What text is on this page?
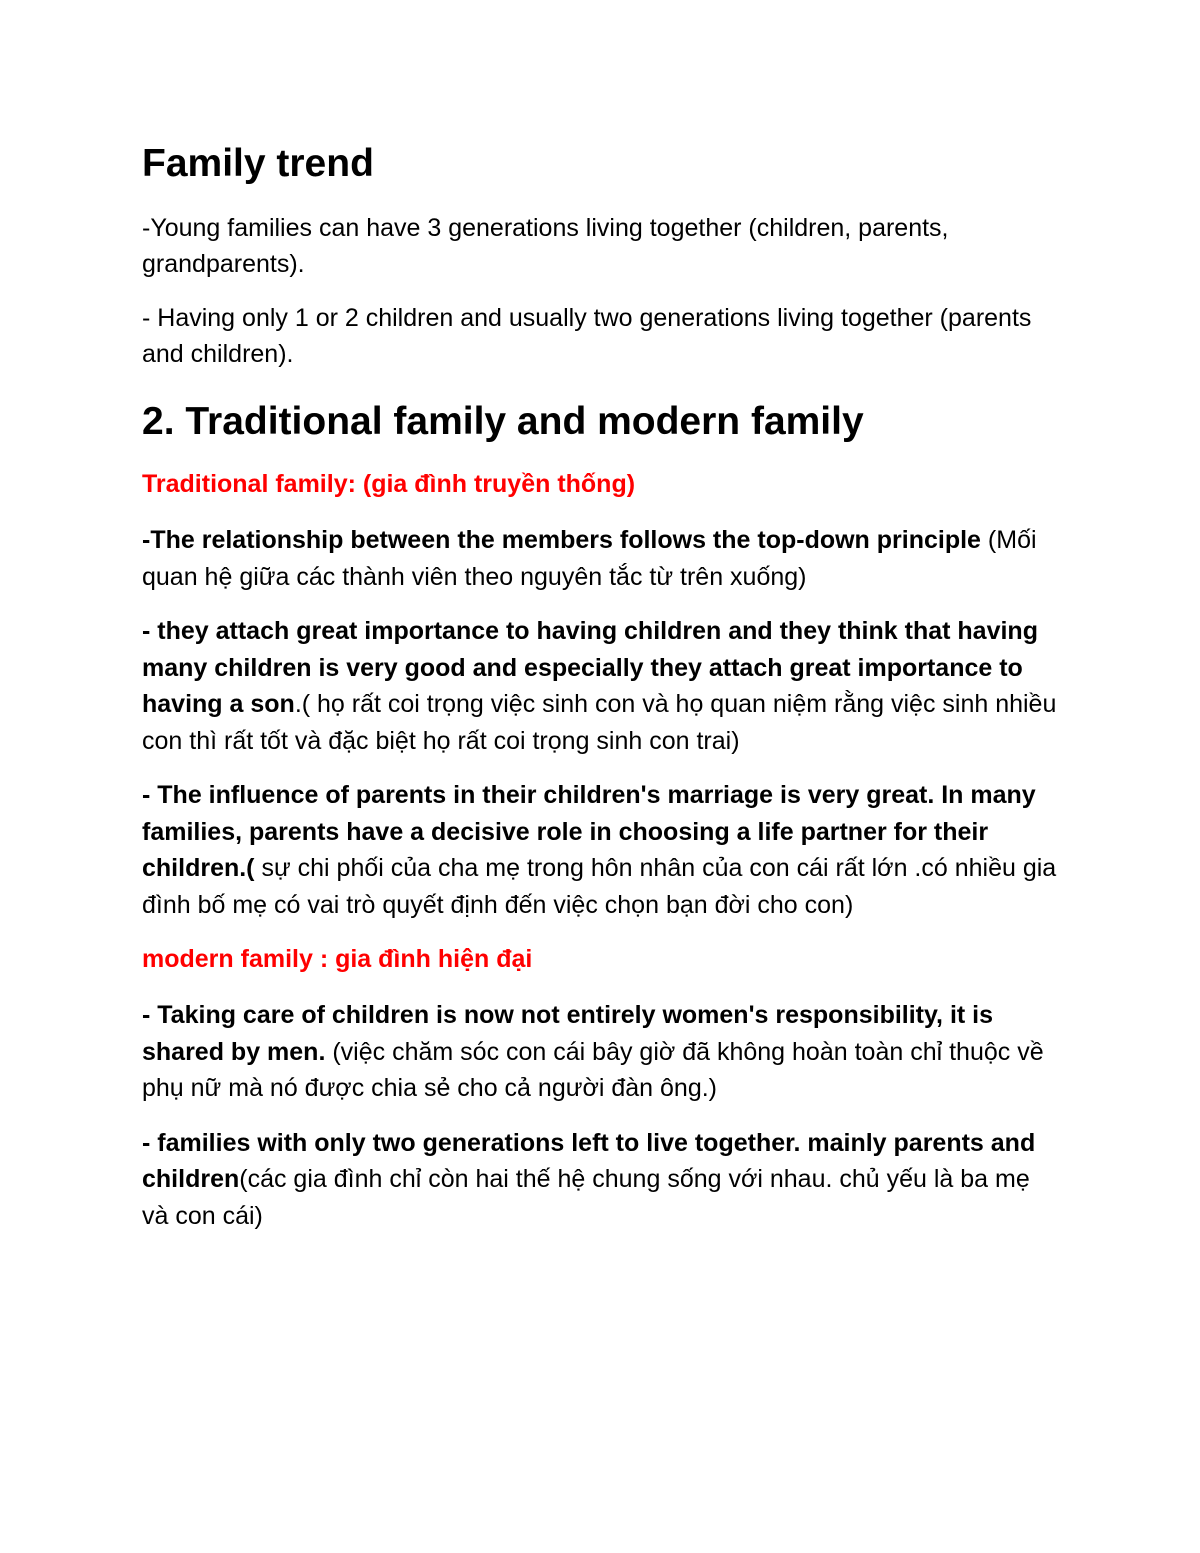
Family trend

-Young families can have 3 generations living together (children, parents, grandparents).

- Having only 1 or 2 children and usually two generations living together (parents and children).

2. Traditional family and modern family
Traditional family: (gia đình truyền thống)

-The relationship between the members follows the top-down principle (Mối quan hệ giữa các thành viên theo nguyên tắc từ trên xuống)

- they attach great importance to having children and they think that having many children is very good and especially they attach great importance to having a son.( họ rất coi trọng việc sinh con và họ quan niệm rằng việc sinh nhiều con thì rất tốt và đặc biệt họ rất coi trọng sinh con trai)

- The influence of parents in their children's marriage is very great. In many families, parents have a decisive role in choosing a life partner for their children.( sự chi phối của cha mẹ trong hôn nhân của con cái rất lớn .có nhiều gia đình bố mẹ có vai trò quyết định đến việc chọn bạn đời cho con)

modern family : gia đình hiện đại

- Taking care of children is now not entirely women's responsibility, it is shared by men. (việc chăm sóc con cái bây giờ đã không hoàn toàn chỉ thuộc về phụ nữ mà nó được chia sẻ cho cả người đàn ông.)

- families with only two generations left to live together. mainly parents and children(các gia đình chỉ còn hai thế hệ chung sống với nhau. chủ yếu là ba mẹ và con cái)
